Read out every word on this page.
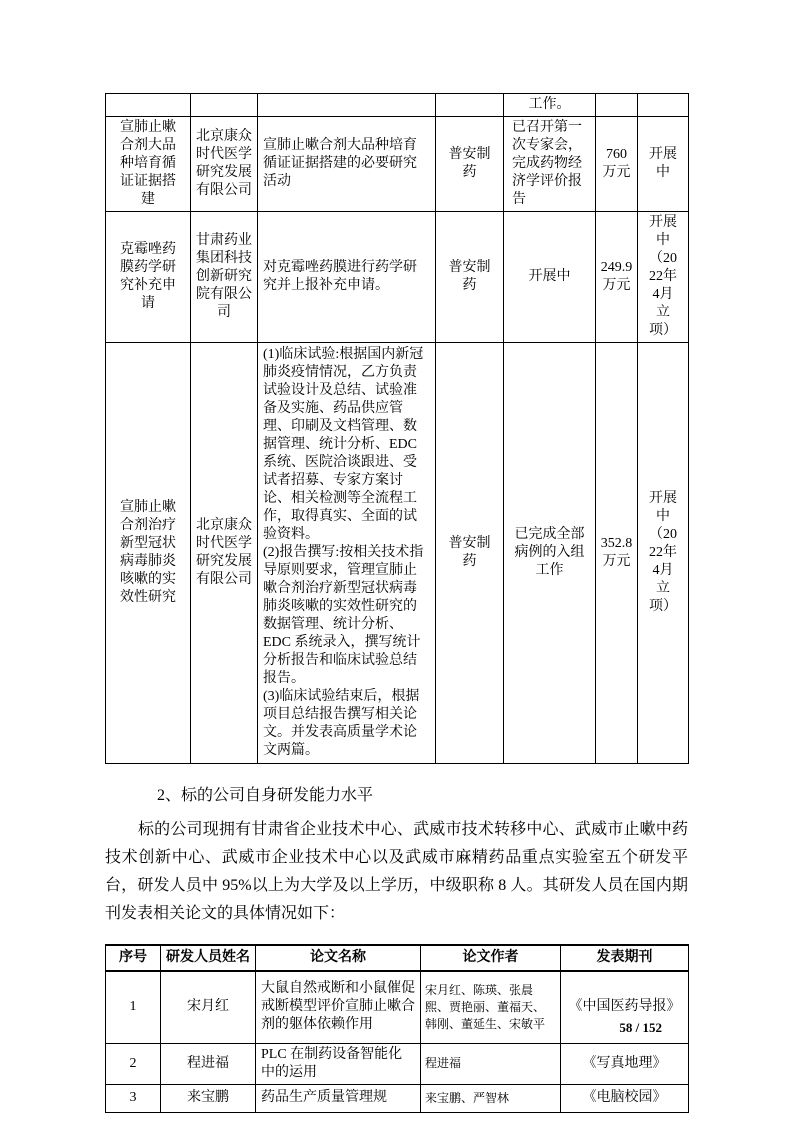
				工作。		
宣肺止嗽合剂大品种培育循证证据搭建	北京康众时代医学研究发展有限公司	宣肺止嗽合剂大品种培育循证证据搭建的必要研究活动	普安制药	已召开第一次专家会，完成药物经济学评价报告	760万元	开展中
克霉唑药膜药学研究补充申请	甘肃药业集团科技创新研究院有限公司	对克霉唑药膜进行药学研究并上报补充申请。	普安制药	开展中	249.9万元	开展中（2022年4月立项）
宣肺止嗽合剂治疗新型冠状病毒肺炎咳嗽的实效性研究	北京康众时代医学研究发展有限公司	(1)临床试验:根据国内新冠肺炎疫情情况，乙方负责试验设计及总结、试验准备及实施、药品供应管理、印刷及文档管理、数据管理、统计分析、EDC 系统、医院洽谈跟进、受试者招募、专家方案讨论、相关检测等全流程工作，取得真实、全面的试验资料。
(2)报告撰写:按相关技术指导原则要求，管理宣肺止嗽合剂治疗新型冠状病毒肺炎咳嗽的实效性研究的数据管理、统计分析、EDC 系统录入，撰写统计分析报告和临床试验总结报告。
(3)临床试验结束后，根据项目总结报告撰写相关论文。并发表高质量学术论文两篇。	普安制药	已完成全部病例的入组工作	352.8万元	开展中（2022年4月立项）
2、标的公司自身研发能力水平

标的公司现拥有甘肃省企业技术中心、武威市技术转移中心、武威市止嗽中药技术创新中心、武威市企业技术中心以及武威市麻精药品重点实验室五个研发平台，研发人员中 95%以上为大学及以上学历，中级职称 8 人。其研发人员在国内期刊发表相关论文的具体情况如下：

序号	研发人员姓名	论文名称	论文作者	发表期刊
1	宋月红	大鼠自然戒断和小鼠催促戒断模型评价宣肺止嗽合剂的躯体依赖作用	宋月红、陈瑛、张晨熙、贾艳丽、董福天、韩刚、董延生、宋敏平	《中国医药导报》
2	程进福	PLC 在制药设备智能化中的运用	程进福	《写真地理》
3	来宝鹏	药品生产质量管理规	来宝鹏、严智林	《电脑校园》
58 / 152
